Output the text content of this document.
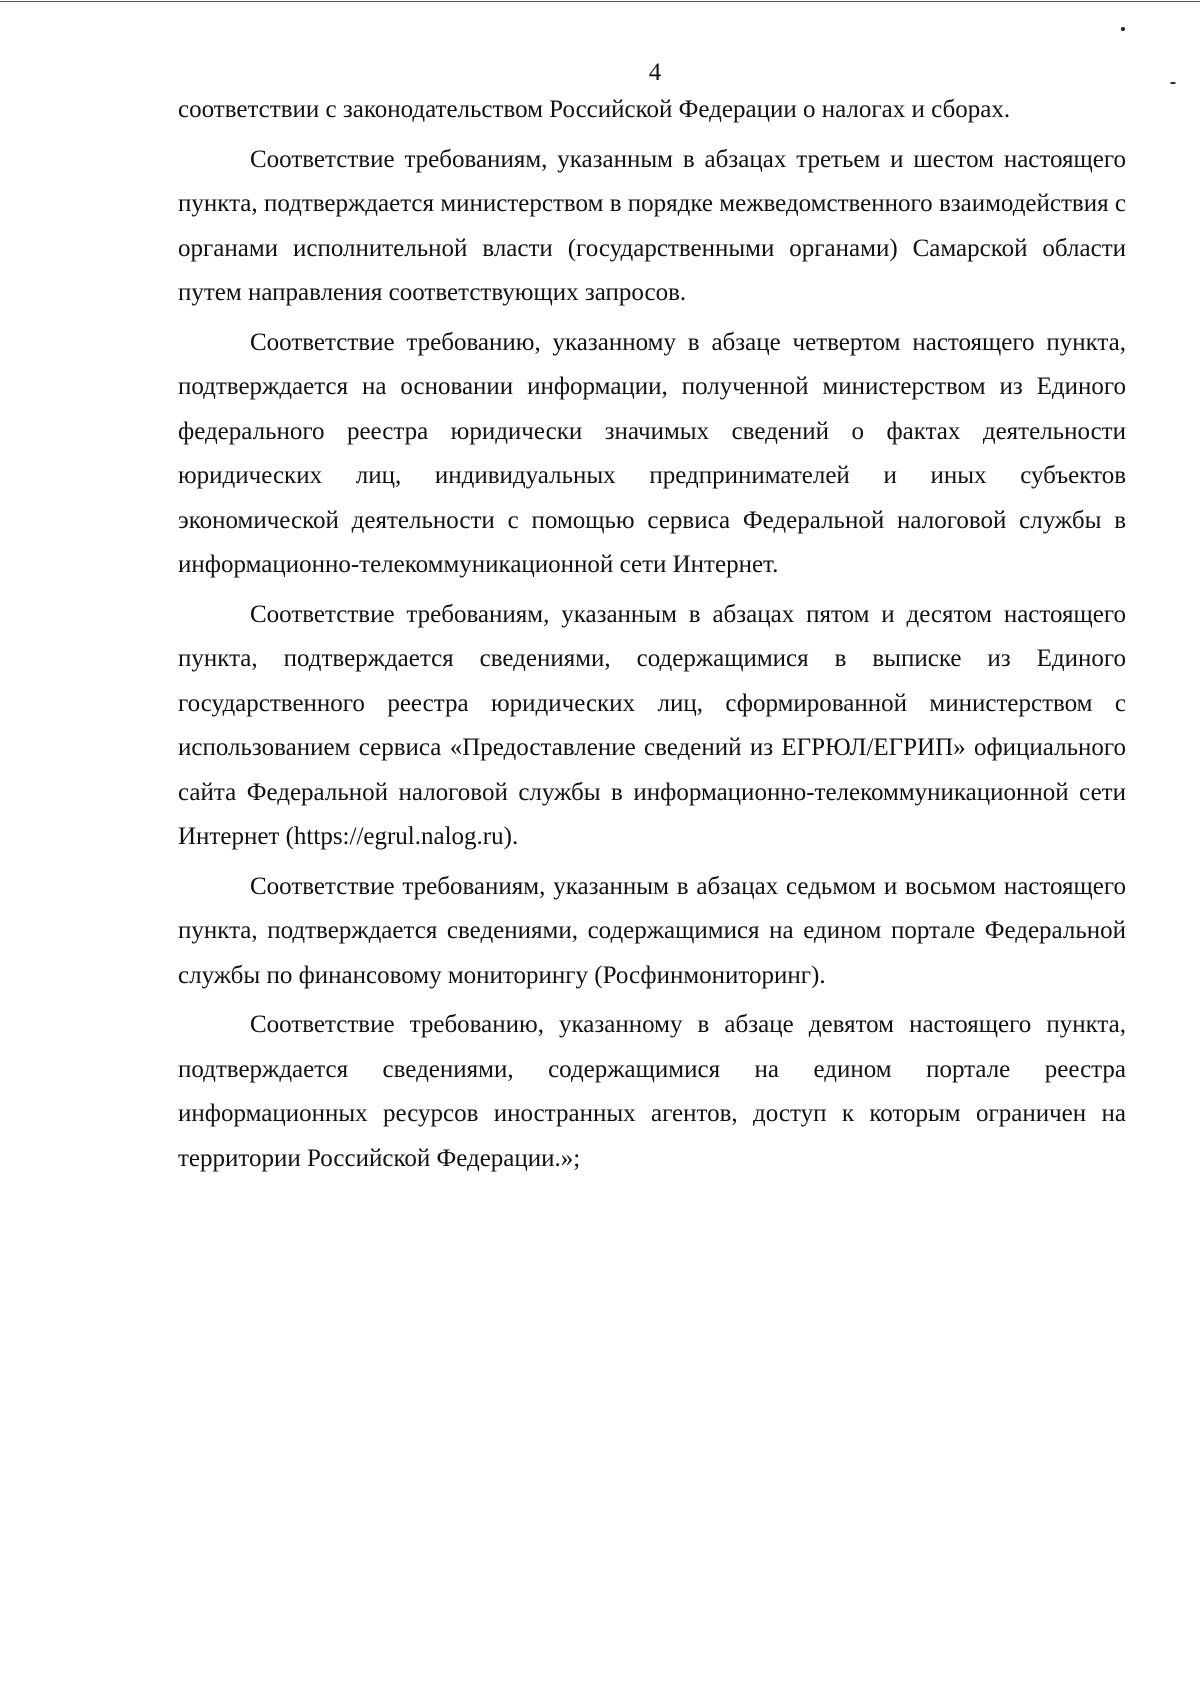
4

соответствии с законодательством Российской Федерации о налогах и сборах.

Соответствие требованиям, указанным в абзацах третьем и шестом настоящего пункта, подтверждается министерством в порядке межведомственного взаимодействия с органами исполнительной власти (государственными органами) Самарской области путем направления соответствующих запросов.

Соответствие требованию, указанному в абзаце четвертом настоящего пункта, подтверждается на основании информации, полученной министерством из Единого федерального реестра юридически значимых сведений о фактах деятельности юридических лиц, индивидуальных предпринимателей и иных субъектов экономической деятельности с помощью сервиса Федеральной налоговой службы в информационно-телекоммуникационной сети Интернет.

Соответствие требованиям, указанным в абзацах пятом и десятом настоящего пункта, подтверждается сведениями, содержащимися в выписке из Единого государственного реестра юридических лиц, сформированной министерством с использованием сервиса «Предоставление сведений из ЕГРЮЛ/ЕГРИП» официального сайта Федеральной налоговой службы в информационно-телекоммуникационной сети Интернет (https://egrul.nalog.ru).

Соответствие требованиям, указанным в абзацах седьмом и восьмом настоящего пункта, подтверждается сведениями, содержащимися на едином портале Федеральной службы по финансовому мониторингу (Росфинмониторинг).

Соответствие требованию, указанному в абзаце девятом настоящего пункта, подтверждается сведениями, содержащимися на едином портале реестра информационных ресурсов иностранных агентов, доступ к которым ограничен на территории Российской Федерации.»;
